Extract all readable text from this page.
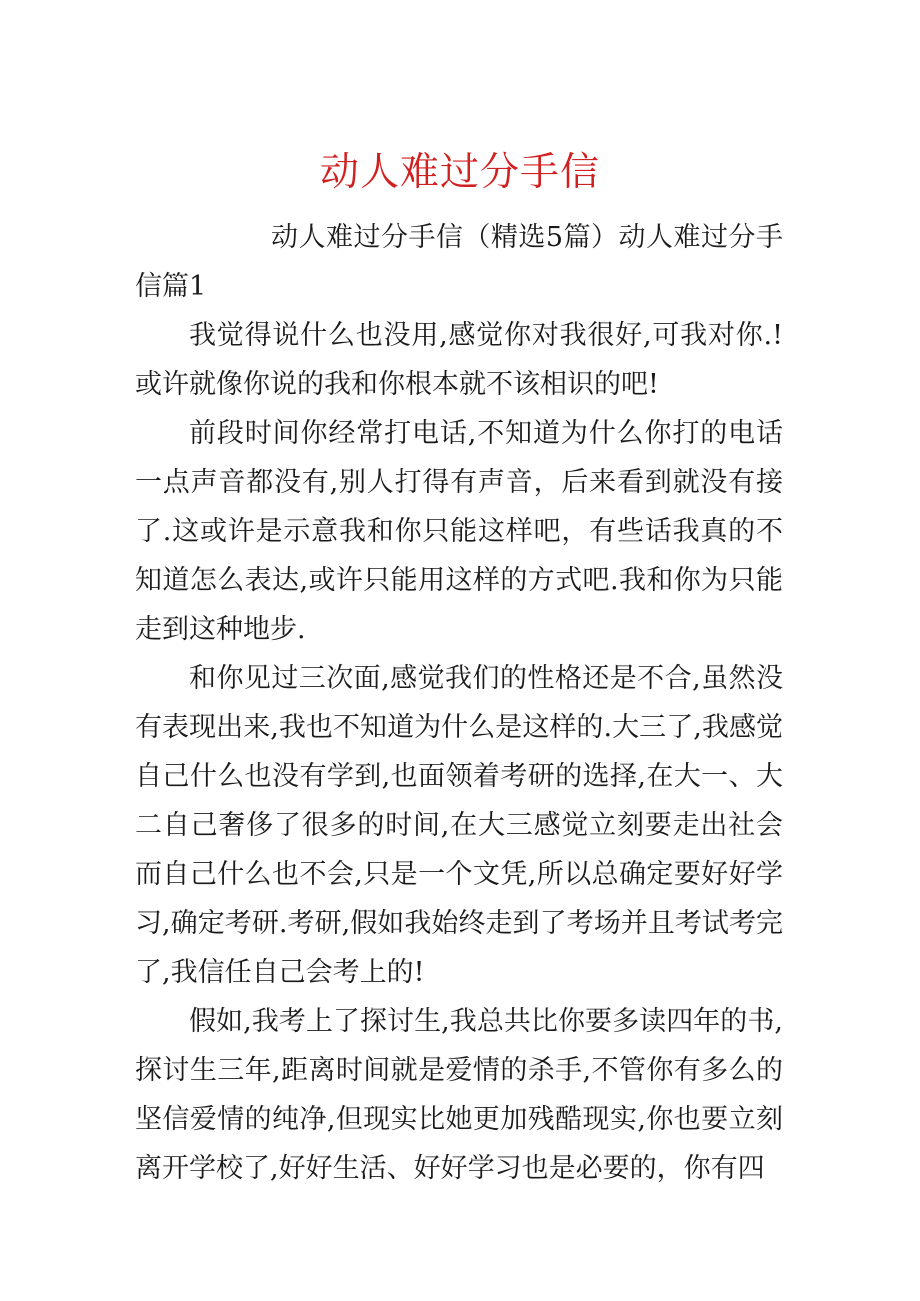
动人难过分手信

动人难过分手信（精选5篇）动人难过分手信篇1

我觉得说什么也没用,感觉你对我很好,可我对你.!或许就像你说的我和你根本就不该相识的吧!

前段时间你经常打电话,不知道为什么你打的电话一点声音都没有,别人打得有声音，后来看到就没有接了.这或许是示意我和你只能这样吧，有些话我真的不知道怎么表达,或许只能用这样的方式吧.我和你为只能走到这种地步.

和你见过三次面,感觉我们的性格还是不合,虽然没有表现出来,我也不知道为什么是这样的.大三了,我感觉自己什么也没有学到,也面领着考研的选择,在大一、大二自己奢侈了很多的时间,在大三感觉立刻要走出社会而自己什么也不会,只是一个文凭,所以总确定要好好学习,确定考研.考研,假如我始终走到了考场并且考试考完了,我信任自己会考上的!

假如,我考上了探讨生,我总共比你要多读四年的书,探讨生三年,距离时间就是爱情的杀手,不管你有多么的坚信爱情的纯净,但现实比她更加残酷现实,你也要立刻离开学校了,好好生活、好好学习也是必要的，你有四
